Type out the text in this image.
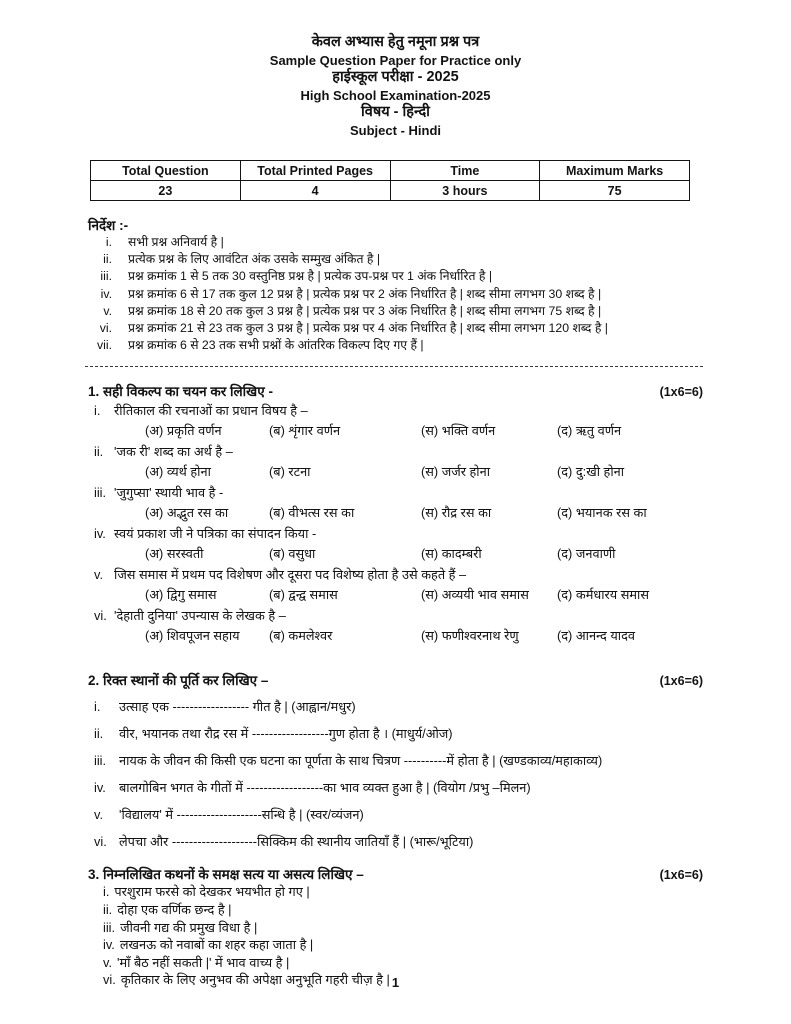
केवल अभ्यास हेतु नमूना प्रश्न पत्र
Sample Question Paper for Practice only
हाईस्कूल परीक्षा - 2025
High School Examination-2025
विषय - हिन्दी
Subject - Hindi
Total Question	Total Printed Pages	Time	Maximum Marks
23	4	3 hours	75
निर्देश :-
i.	सभी प्रश्न अनिवार्य है |
ii.	प्रत्येक प्रश्न के लिए आवंटित अंक उसके सम्मुख अंकित है |
iii.	प्रश्न क्रमांक 1 से 5 तक 30 वस्तुनिष्ठ प्रश्न है | प्रत्येक उप-प्रश्न पर 1 अंक निर्धारित है |
iv.	प्रश्न क्रमांक 6 से 17 तक कुल 12 प्रश्न है | प्रत्येक प्रश्न पर 2 अंक निर्धारित है | शब्द सीमा लगभग 30 शब्द है |
v.	प्रश्न क्रमांक 18 से 20 तक कुल 3 प्रश्न है | प्रत्येक प्रश्न पर 3 अंक निर्धारित है | शब्द सीमा लगभग 75 शब्द है |
vi.	प्रश्न क्रमांक 21 से 23 तक कुल 3 प्रश्न है | प्रत्येक प्रश्न पर 4 अंक निर्धारित है | शब्द सीमा लगभग 120 शब्द है |
vii.	प्रश्न क्रमांक 6 से 23 तक सभी प्रश्नों के आंतरिक विकल्प दिए गए हैं |
1. सही विकल्प का चयन कर लिखिए -	(1x6=6)
i.	रीतिकाल की रचनाओं का प्रधान विषय है –
(अ) प्रकृति वर्णन	(ब) शृंगार वर्णन	(स) भक्ति वर्णन	(द) ऋतु वर्णन
ii. 'जक री' शब्द का अर्थ है –
(अ) व्यर्थ होना	(ब) रटना	(स) जर्जर होना	(द) दु:खी होना
iii. 'जुगुप्सा' स्थायी भाव है -
(अ) अद्भुत रस का	(ब) वीभत्स रस का	(स) रौद्र रस का	(द) भयानक रस का
iv. स्वयं प्रकाश जी ने पत्रिका का संपादन किया -
(अ) सरस्वती	(ब) वसुधा	(स) कादम्बरी	(द) जनवाणी
v. जिस समास में प्रथम पद विशेषण और दूसरा पद विशेष्य होता है उसे कहते हैं –
(अ) द्विगु समास	(ब) द्वन्द्व समास	(स) अव्ययी भाव समास	(द) कर्मधारय समास
vi. 'देहाती दुनिया' उपन्यास के लेखक है –
(अ) शिवपूजन सहाय	(ब) कमलेश्वर	(स) फणीश्वरनाथ रेणु	(द) आनन्द यादव
2. रिक्त स्थानों की पूर्ति कर लिखिए –	(1x6=6)
i.	उत्साह एक ------------------ गीत है | (आह्वान/मधुर)
ii.	वीर, भयानक तथा रौद्र रस में ------------------गुण होता है । (माधुर्य/ओज)
iii.	नायक के जीवन की किसी एक घटना का पूर्णता के साथ चित्रण ----------में होता है | (खण्डकाव्य/महाकाव्य)
iv.	बालगोबिन भगत के गीतों में ------------------का भाव व्यक्त हुआ है | (वियोग /प्रभु –मिलन)
v.	'विद्यालय' में --------------------सन्धि है | (स्वर/व्यंजन)
vi. लेपचा और --------------------सिक्किम की स्थानीय जातियाँ हैं | (भारू/भूटिया)
3. निम्नलिखित कथनों के समक्ष सत्य या असत्य लिखिए –	(1x6=6)
i. परशुराम फरसे को देखकर भयभीत हो गए |
ii. दोहा एक वर्णिक छन्द है |
iii. जीवनी गद्य की प्रमुख विधा है |
iv. लखनऊ को नवाबों का शहर कहा जाता है |
v. 'माँ बैठ नहीं सकती |' में भाव वाच्य है |
vi. कृतिकार के लिए अनुभव की अपेक्षा अनुभूति गहरी चीज़ है | 1
